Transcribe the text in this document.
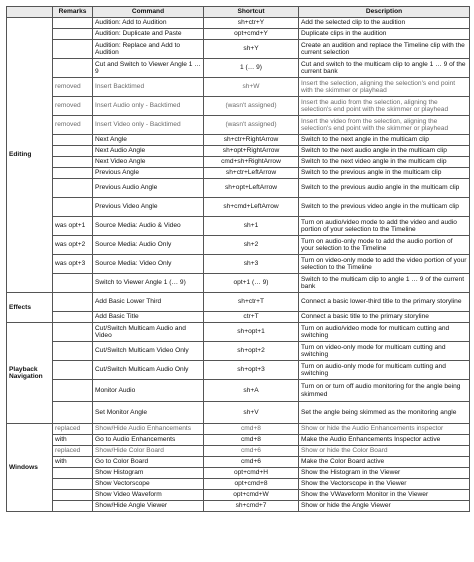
	Remarks	Command	Shortcut	Description
Editing		Audition: Add to Audition	sh+ctr+Y	Add the selected clip to the audition
		Audition: Duplicate and Paste	opt+cmd+Y	Duplicate clips in the audition
		Audition: Replace and Add to Audition	sh+Y	Create an audition and replace the Timeline clip with the current selection
		Cut and Switch to Viewer Angle 1 … 9	1 (… 9)	Cut and switch to the multicam clip to angle 1 … 9 of the current bank
	removed	Insert Backtimed	sh+W	Insert the selection, aligning the selection's end point with the skimmer or playhead
	removed	Insert Audio only - Backtimed	(wasn't assigned)	Insert the audio from the selection, aligning the selection's end point with the skimmer or playhead
	removed	Insert Video only - Backtimed	(wasn't assigned)	Insert the video from the selection, aligning the selection's end point with the skimmer or playhead
		Next Angle	sh+ctr+RightArrow	Switch to the next angle in the multicam clip
		Next Audio Angle	sh+opt+RightArrow	Switch to the next audio angle in the multicam clip
		Next Video Angle	cmd+sh+RightArrow	Switch to the next video angle in the multicam clip
		Previous Angle	sh+ctr+LeftArrow	Switch to the previous angle in the multicam clip
		Previous Audio Angle	sh+opt+LeftArrow	Switch to the previous audio angle in the multicam clip
		Previous Video Angle	sh+cmd+LeftArrow	Switch to the previous video angle in the multicam clip
	was opt+1	Source Media: Audio & Video	sh+1	Turn on audio/video mode to add the video and audio portion of your selection to the Timeline
	was opt+2	Source Media: Audio Only	sh+2	Turn on audio-only mode to add the audio portion of your selection to the Timeline
	was opt+3	Source Media: Video Only	sh+3	Turn on video-only mode to add the video portion of your selection to the Timeline
		Switch to Viewer Angle 1 (… 9)	opt+1 (… 9)	Switch to the multicam clip to angle 1 … 9 of the current bank
Effects		Add Basic Lower Third	sh+ctr+T	Connect a basic lower-third title to the primary storyline
		Add Basic Title	ctr+T	Connect a basic title to the primary storyline
Playback Navigation		Cut/Switch Multicam Audio and Video	sh+opt+1	Turn on audio/video mode for multicam cutting and switching
		Cut/Switch Multicam Video Only	sh+opt+2	Turn on video-only mode for multicam cutting and switching
		Cut/Switch Multicam Audio Only	sh+opt+3	Turn on audio-only mode for multicam cutting and switching
		Monitor Audio	sh+A	Turn on or turn off audio monitoring for the angle being skimmed
		Set Monitor Angle	sh+V	Set the angle being skimmed as the monitoring angle
Windows	replaced	Show/Hide Audio Enhancements	cmd+8	Show or hide the Audio Enhancements inspector
	with	Go to Audio Enhancements	cmd+8	Make the Audio Enhancements Inspector active
	replaced	Show/Hide Color Board	cmd+6	Show or hide the Color Board
	with	Go to Color Board	cmd+6	Make the Color Board active
		Show Histogram	opt+cmd+H	Show the Histogram in the Viewer
		Show Vectorscope	opt+cmd+8	Show the Vectorscope in the Viewer
		Show Video Waveform	opt+cmd+W	Show the VWaveform Monitor in the Viewer
		Show/Hide Angle Viewer	sh+cmd+7	Show or hide the Angle Viewer
